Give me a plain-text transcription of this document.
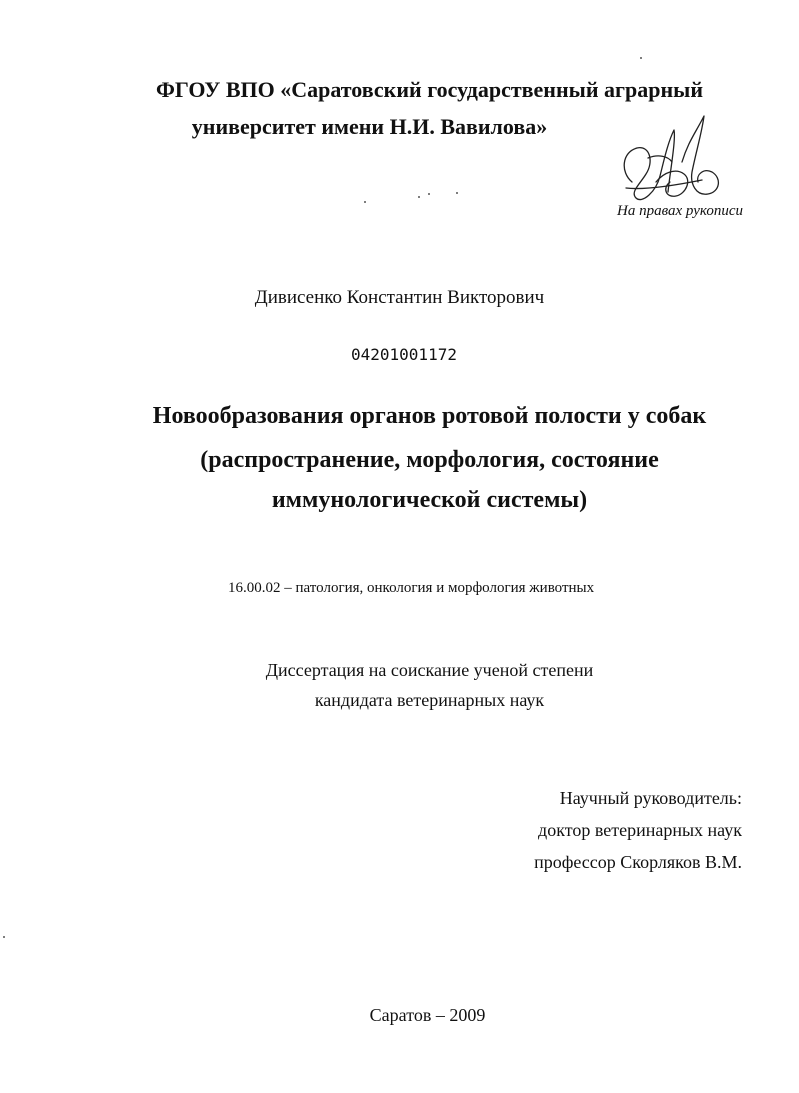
ФГОУ ВПО «Саратовский государственный аграрный
университет имени Н.И. Вавилова»
На правах рукописи
Дивисенко Константин Викторович
04201001172
Новообразования органов ротовой полости у собак
(распространение, морфология, состояние
иммунологической системы)
16.00.02 – патология, онкология и морфология животных
Диссертация на соискание ученой степени
кандидата ветеринарных наук
Научный руководитель:
доктор ветеринарных наук
профессор Скорляков В.М.
Саратов – 2009
